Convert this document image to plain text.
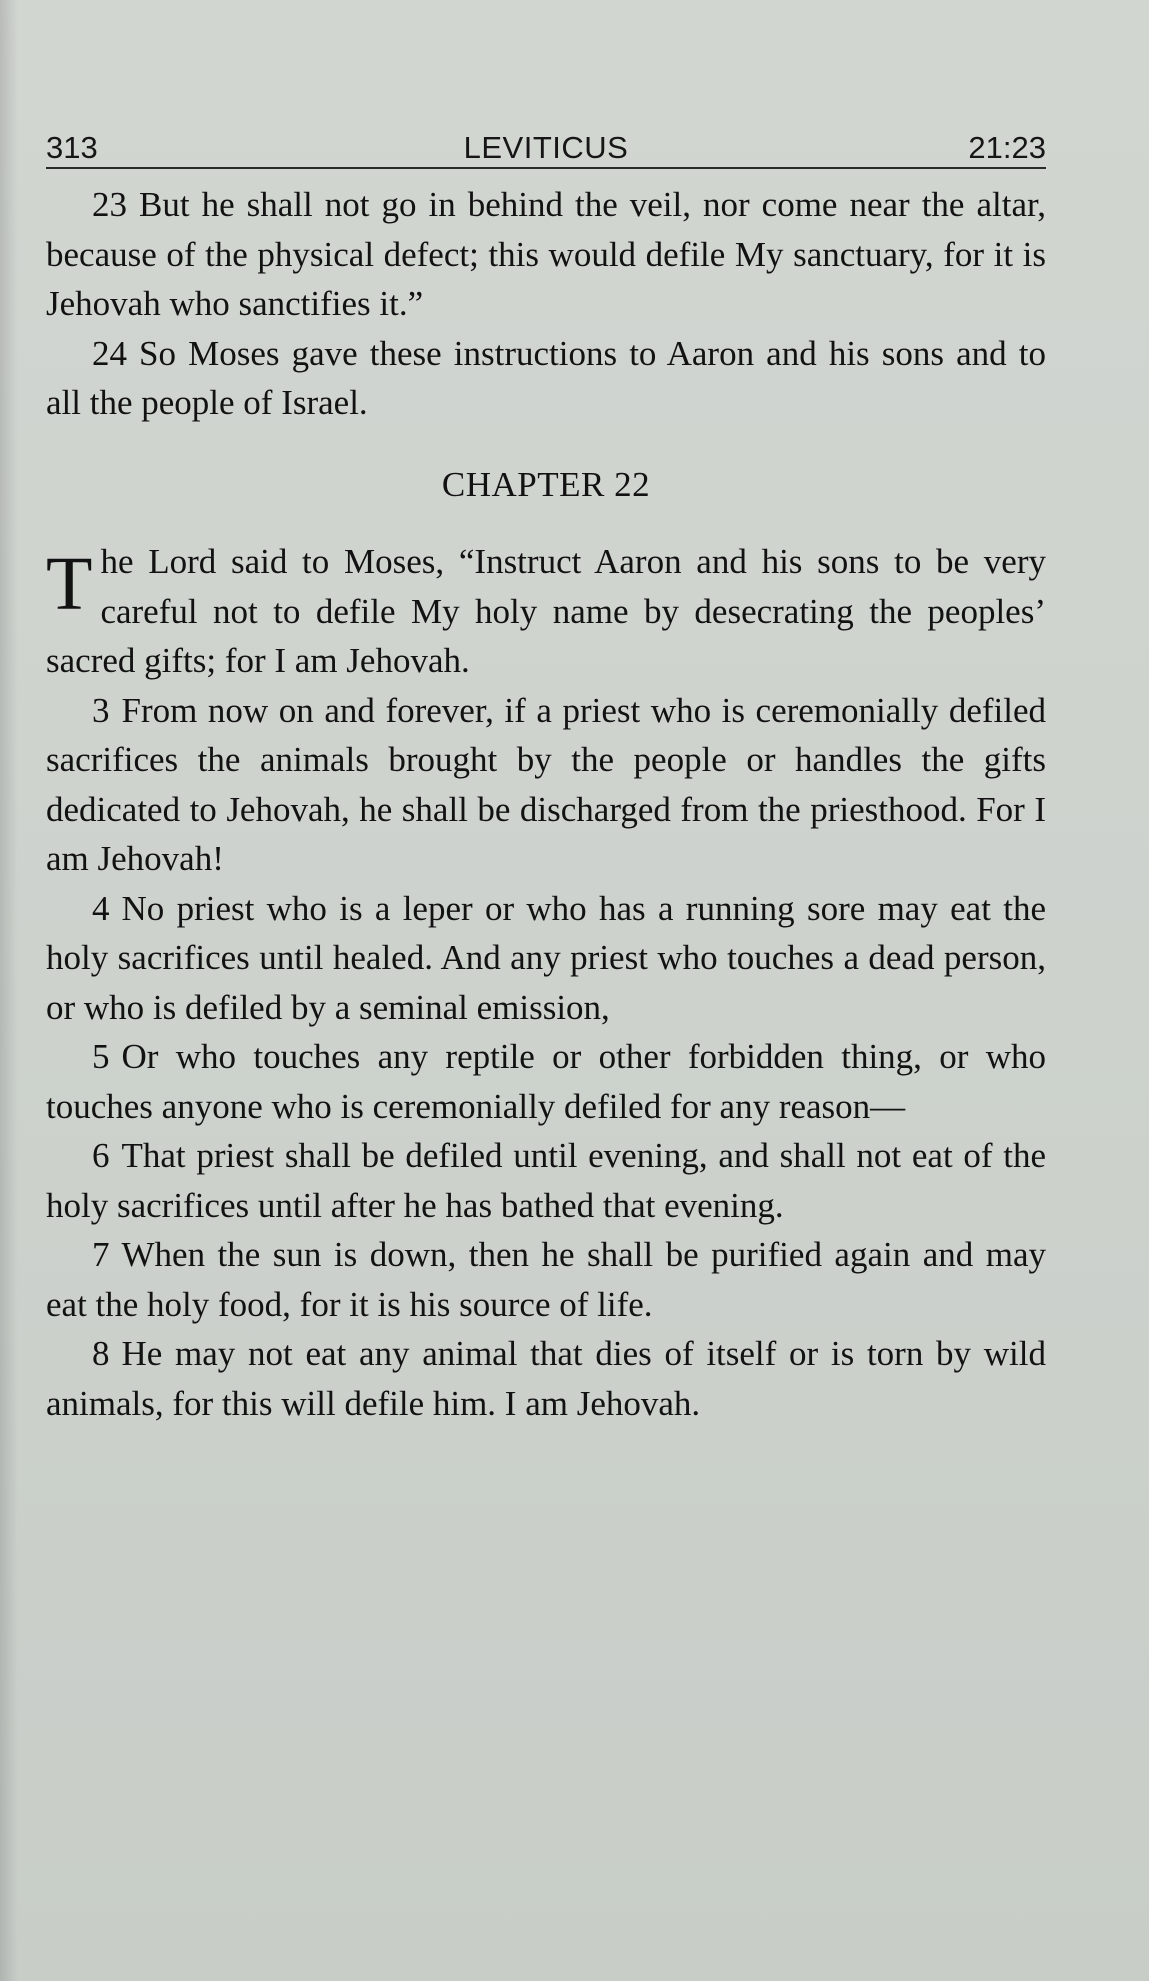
313	LEVITICUS	21:23

23 But he shall not go in behind the veil, nor come near the altar, because of the physical defect; this would defile My sanctuary, for it is Jehovah who sanctifies it.”

24 So Moses gave these instructions to Aaron and his sons and to all the people of Israel.

CHAPTER 22

The Lord said to Moses, “Instruct Aaron and his sons to be very careful not to defile My holy name by desecrating the peoples’ sacred gifts; for I am Jehovah.

3 From now on and forever, if a priest who is ceremonially defiled sacrifices the animals brought by the people or handles the gifts dedicated to Jehovah, he shall be discharged from the priesthood. For I am Jehovah!

4 No priest who is a leper or who has a running sore may eat the holy sacrifices until healed. And any priest who touches a dead person, or who is defiled by a seminal emission,

5 Or who touches any reptile or other forbidden thing, or who touches anyone who is ceremonially defiled for any reason—

6 That priest shall be defiled until evening, and shall not eat of the holy sacrifices until after he has bathed that evening.

7 When the sun is down, then he shall be purified again and may eat the holy food, for it is his source of life.

8 He may not eat any animal that dies of itself or is torn by wild animals, for this will defile him. I am Jehovah.
